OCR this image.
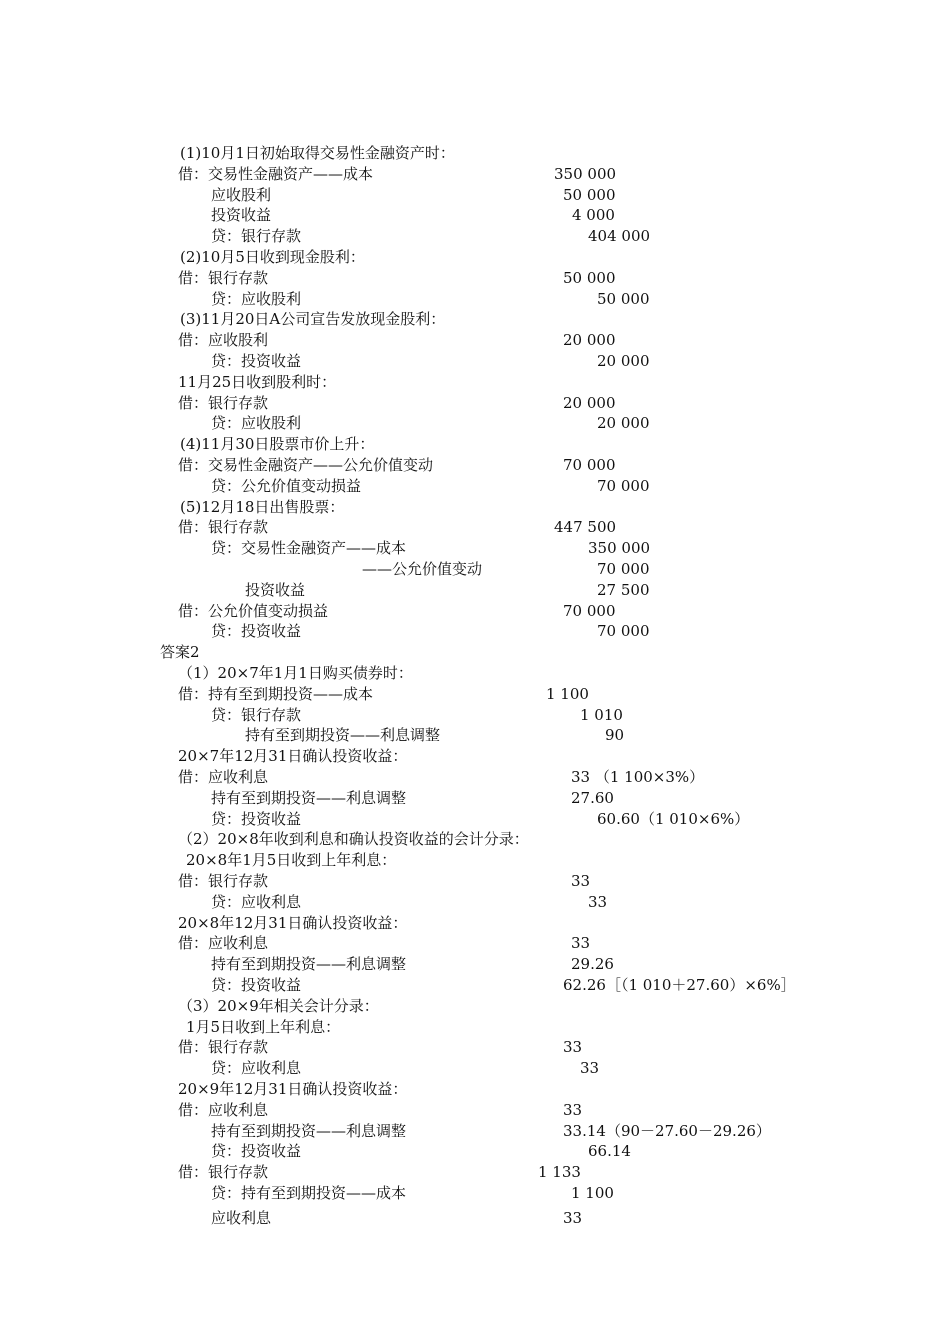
(1)10月1日初始取得交易性金融资产时：
借：交易性金融资产——成本	350 000
应收股利	50 000
投资收益	4 000
贷：银行存款	404 000
(2)10月5日收到现金股利：
借：银行存款	50 000
贷：应收股利	50 000
(3)11月20日A公司宣告发放现金股利：
借：应收股利	20 000
贷：投资收益	20 000
11月25日收到股利时：
借：银行存款	20 000
贷：应收股利	20 000
(4)11月30日股票市价上升：
借：交易性金融资产——公允价值变动	70 000
贷：公允价值变动损益	70 000
(5)12月18日出售股票：
借：银行存款	447 500
贷：交易性金融资产——成本	350 000
——公允价值变动	70 000
投资收益	27 500
借：公允价值变动损益	70 000
贷：投资收益	70 000
答案2
（1）20×7年1月1日购买债券时：
借：持有至到期投资——成本	1 100
贷：银行存款	1 010
持有至到期投资——利息调整	90
20×7年12月31日确认投资收益：
借：应收利息	33 （1 100×3%）
持有至到期投资——利息调整	27.60
贷：投资收益	60.60（1 010×6%）
（2）20×8年收到利息和确认投资收益的会计分录：
20×8年1月5日收到上年利息：
借：银行存款	33
贷：应收利息	33
20×8年12月31日确认投资收益：
借：应收利息	33
持有至到期投资——利息调整	29.26
贷：投资收益	62.26［（1 010＋27.60）×6%］
（3）20×9年相关会计分录：
1月5日收到上年利息：
借：银行存款	33
贷：应收利息	33
20×9年12月31日确认投资收益：
借：应收利息	33
持有至到期投资——利息调整	33.14（90－27.60－29.26）
贷：投资收益	66.14
借：银行存款	1 133
贷：持有至到期投资——成本	1 100
应收利息	33
